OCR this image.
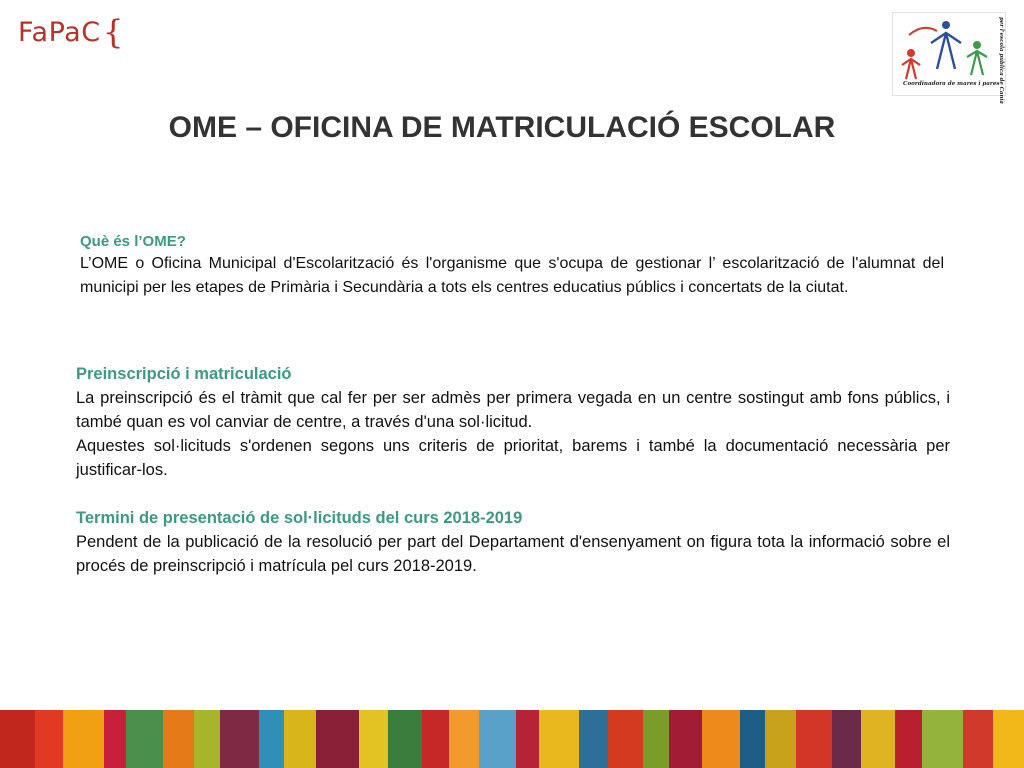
FaPaC{
Coordinadora de mares i pares
per l'escola pública de Canià
OME – OFICINA DE MATRICULACIÓ ESCOLAR
Què és l’OME?

L’OME o Oficina Municipal d'Escolarització és l'organisme que s'ocupa de gestionar l’ escolarització de l'alumnat del municipi per les etapes de Primària i Secundària a tots els centres educatius públics i concertats de la ciutat.

Preinscripció i matriculació

La preinscripció és el tràmit que cal fer per ser admès per primera vegada en un centre sostingut amb fons públics, i també quan es vol canviar de centre, a través d'una sol·licitud.

Aquestes sol·licituds s'ordenen segons uns criteris de prioritat, barems i també la documentació necessària per justificar-los.

Termini de presentació de sol·licituds del curs 2018-2019

Pendent de la publicació de la resolució per part del Departament d'ensenyament on figura tota la informació sobre el procés de preinscripció i matrícula pel curs 2018-2019.
